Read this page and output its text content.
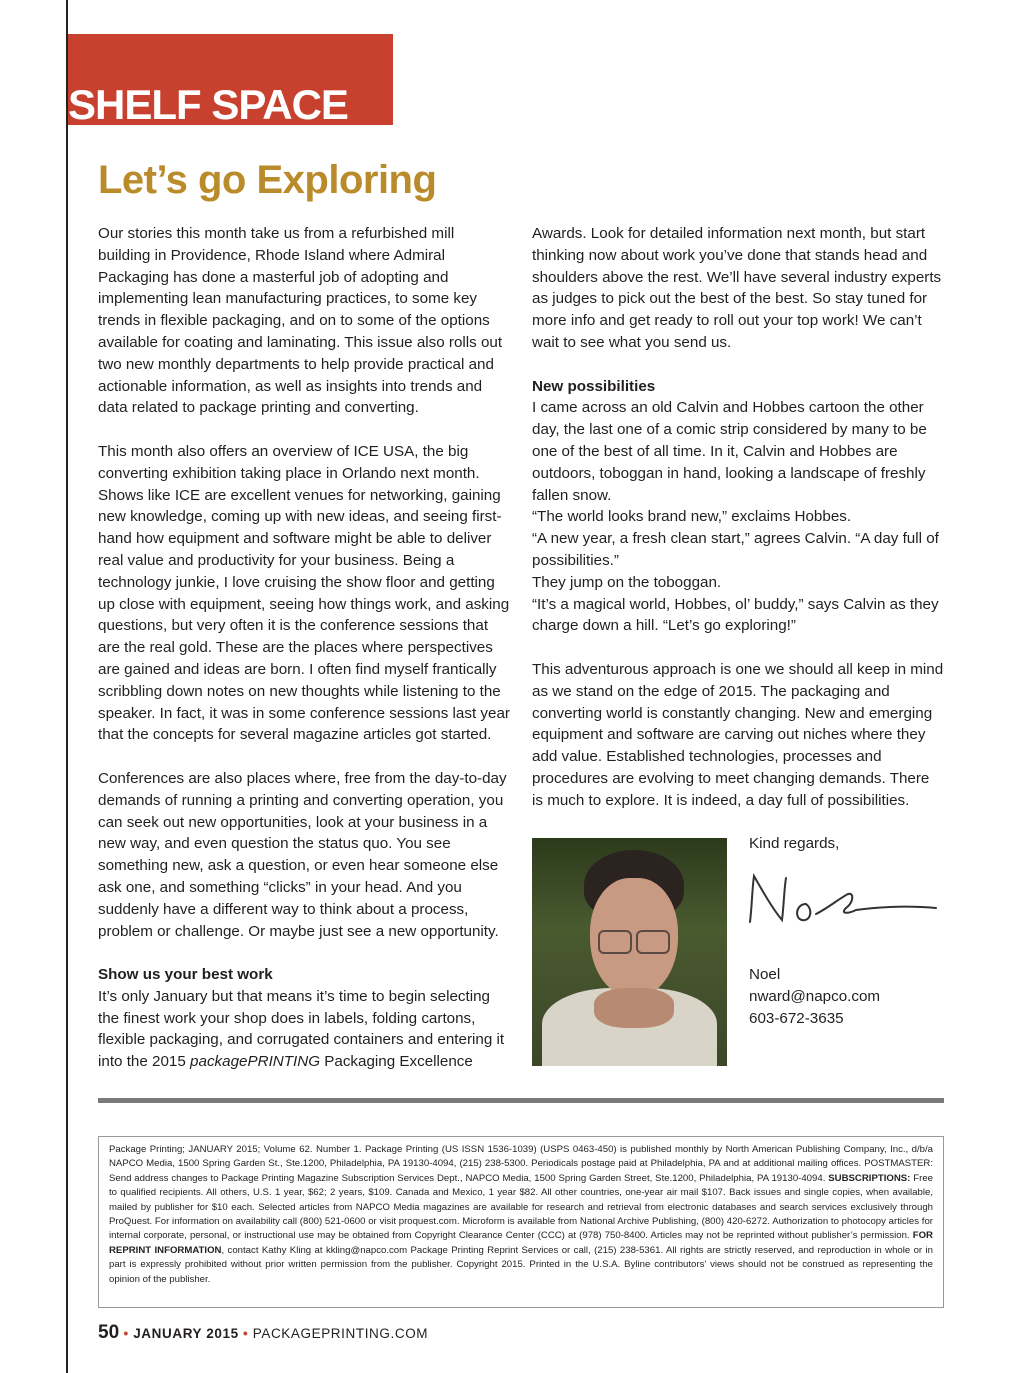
SHELF SPACE
Let’s go Exploring

Our stories this month take us from a refurbished mill building in Providence, Rhode Island where Admiral Packaging has done a masterful job of adopting and implementing lean manufacturing practices, to some key trends in flexible packaging, and on to some of the options available for coating and laminating. This issue also rolls out two new monthly departments to help provide practical and actionable information, as well as insights into trends and data related to package printing and converting.

This month also offers an overview of ICE USA, the big converting exhibition taking place in Orlando next month. Shows like ICE are excellent venues for networking, gaining new knowledge, coming up with new ideas, and seeing first-hand how equipment and software might be able to deliver real value and productivity for your business. Being a technology junkie, I love cruising the show floor and getting up close with equipment, seeing how things work, and asking questions, but very often it is the conference sessions that are the real gold. These are the places where perspectives are gained and ideas are born. I often find myself frantically scribbling down notes on new thoughts while listening to the speaker. In fact, it was in some conference sessions last year that the concepts for several magazine articles got started.

Conferences are also places where, free from the day-to-day demands of running a printing and converting operation, you can seek out new opportunities, look at your business in a new way, and even question the status quo. You see something new, ask a question, or even hear someone else ask one, and something “clicks” in your head. And you suddenly have a different way to think about a process, problem or challenge. Or maybe just see a new opportunity.

Show us your best work

It’s only January but that means it’s time to begin selecting the finest work your shop does in labels, folding cartons, flexible packaging, and corrugated containers and entering it into the 2015 packagePRINTING Packaging Excellence

Awards. Look for detailed information next month, but start thinking now about work you’ve done that stands head and shoulders above the rest. We’ll have several industry experts as judges to pick out the best of the best. So stay tuned for more info and get ready to roll out your top work! We can’t wait to see what you send us.

New possibilities

I came across an old Calvin and Hobbes cartoon the other day, the last one of a comic strip considered by many to be one of the best of all time. In it, Calvin and Hobbes are outdoors, toboggan in hand, looking a landscape of freshly fallen snow.

“The world looks brand new,” exclaims Hobbes.

“A new year, a fresh clean start,” agrees Calvin. “A day full of possibilities.”

They jump on the toboggan.

“It’s a magical world, Hobbes, ol’ buddy,” says Calvin as they charge down a hill. “Let’s go exploring!”

This adventurous approach is one we should all keep in mind as we stand on the edge of 2015. The packaging and converting world is constantly changing. New and emerging equipment and software are carving out niches where they add value. Established technologies, processes and procedures are evolving to meet changing demands. There is much to explore. It is indeed, a day full of possibilities.

Kind regards,

Noel

nward@napco.com

603-672-3635

Package Printing; JANUARY 2015; Volume 62. Number 1. Package Printing (US ISSN 1536-1039) (USPS 0463-450) is published monthly by North American Publishing Company, Inc., d/b/a NAPCO Media, 1500 Spring Garden St., Ste.1200, Philadelphia, PA 19130-4094, (215) 238-5300. Periodicals postage paid at Philadelphia, PA and at additional mailing offices. POSTMASTER: Send address changes to Package Printing Magazine Subscription Services Dept., NAPCO Media, 1500 Spring Garden Street, Ste.1200, Philadelphia, PA 19130-4094. SUBSCRIPTIONS: Free to qualified recipients. All others, U.S. 1 year, $62; 2 years, $109. Canada and Mexico, 1 year $82. All other countries, one-year air mail $107. Back issues and single copies, when available, mailed by publisher for $10 each. Selected articles from NAPCO Media magazines are available for research and retrieval from electronic databases and search services exclusively through ProQuest. For information on availability call (800) 521-0600 or visit proquest.com. Microform is available from National Archive Publishing, (800) 420-6272. Authorization to photocopy articles for internal corporate, personal, or instructional use may be obtained from Copyright Clearance Center (CCC) at (978) 750-8400. Articles may not be reprinted without publisher’s permission. FOR REPRINT INFORMATION, contact Kathy Kling at kkling@napco.com Package Printing Reprint Services or call, (215) 238-5361. All rights are strictly reserved, and reproduction in whole or in part is expressly prohibited without prior written permission from the publisher. Copyright 2015. Printed in the U.S.A. Byline contributors’ views should not be construed as representing the opinion of the publisher.
50 • JANUARY 2015 • PACKAGEPRINTING.COM
